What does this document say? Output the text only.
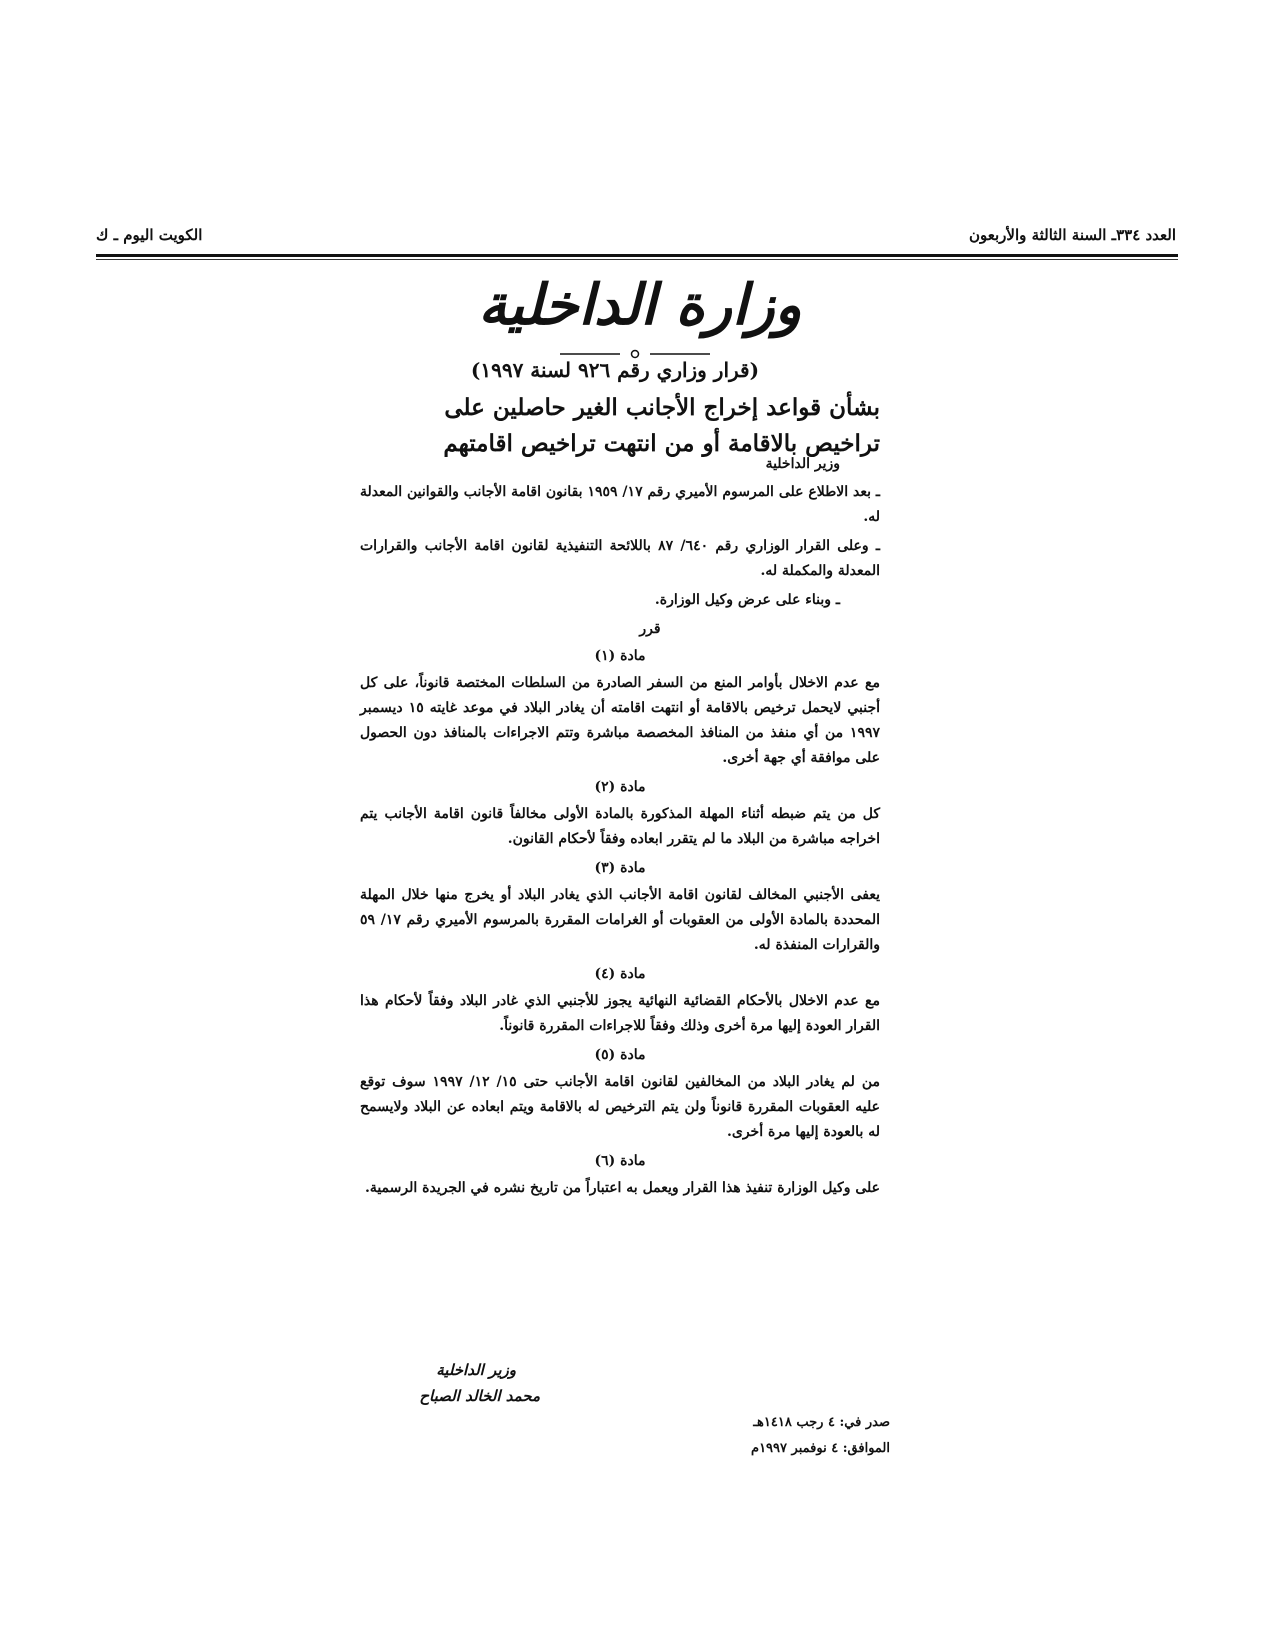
العدد ٣٣٤ـ السنة الثالثة والأربعون
الكويت اليوم ـ ك
وزارة الداخلية
(قرار وزاري رقم ٩٢٦ لسنة ١٩٩٧)
بشأن قواعد إخراج الأجانب الغير حاصلين على
تراخيص بالاقامة أو من انتهت تراخيص اقامتهم
وزير الداخلية

ـ بعد الاطلاع على المرسوم الأميري رقم ١٧/ ١٩٥٩ بقانون اقامة الأجانب والقوانين المعدلة له.

ـ وعلى القرار الوزاري رقم ٦٤٠/ ٨٧ باللائحة التنفيذية لقانون اقامة الأجانب والقرارات المعدلة والمكملة له.

ـ وبناء على عرض وكيل الوزارة.

قرر
مادة (١)

مع عدم الاخلال بأوامر المنع من السفر الصادرة من السلطات المختصة قانوناً، على كل أجنبي لايحمل ترخيص بالاقامة أو انتهت اقامته أن يغادر البلاد في موعد غايته ١٥ ديسمبر ١٩٩٧ من أي منفذ من المنافذ المخصصة مباشرة وتتم الاجراءات بالمنافذ دون الحصول على موافقة أي جهة أخرى.

مادة (٢)

كل من يتم ضبطه أثناء المهلة المذكورة بالمادة الأولى مخالفاً قانون اقامة الأجانب يتم اخراجه مباشرة من البلاد ما لم يتقرر ابعاده وفقاً لأحكام القانون.

مادة (٣)

يعفى الأجنبي المخالف لقانون اقامة الأجانب الذي يغادر البلاد أو يخرج منها خلال المهلة المحددة بالمادة الأولى من العقوبات أو الغرامات المقررة بالمرسوم الأميري رقم ١٧/ ٥٩ والقرارات المنفذة له.

مادة (٤)

مع عدم الاخلال بالأحكام القضائية النهائية يجوز للأجنبي الذي غادر البلاد وفقاً لأحكام هذا القرار العودة إليها مرة أخرى وذلك وفقاً للاجراءات المقررة قانوناً.

مادة (٥)

من لم يغادر البلاد من المخالفين لقانون اقامة الأجانب حتى ١٥/ ١٢/ ١٩٩٧ سوف توقع عليه العقوبات المقررة قانوناً ولن يتم الترخيص له بالاقامة ويتم ابعاده عن البلاد ولايسمح له بالعودة إليها مرة أخرى.

مادة (٦)

على وكيل الوزارة تنفيذ هذا القرار ويعمل به اعتباراً من تاريخ نشره في الجريدة الرسمية.

وزير الداخلية
محمد الخالد الصباح
صدر في: ٤ رجب ١٤١٨هـ
الموافق: ٤ نوفمبر ١٩٩٧م
